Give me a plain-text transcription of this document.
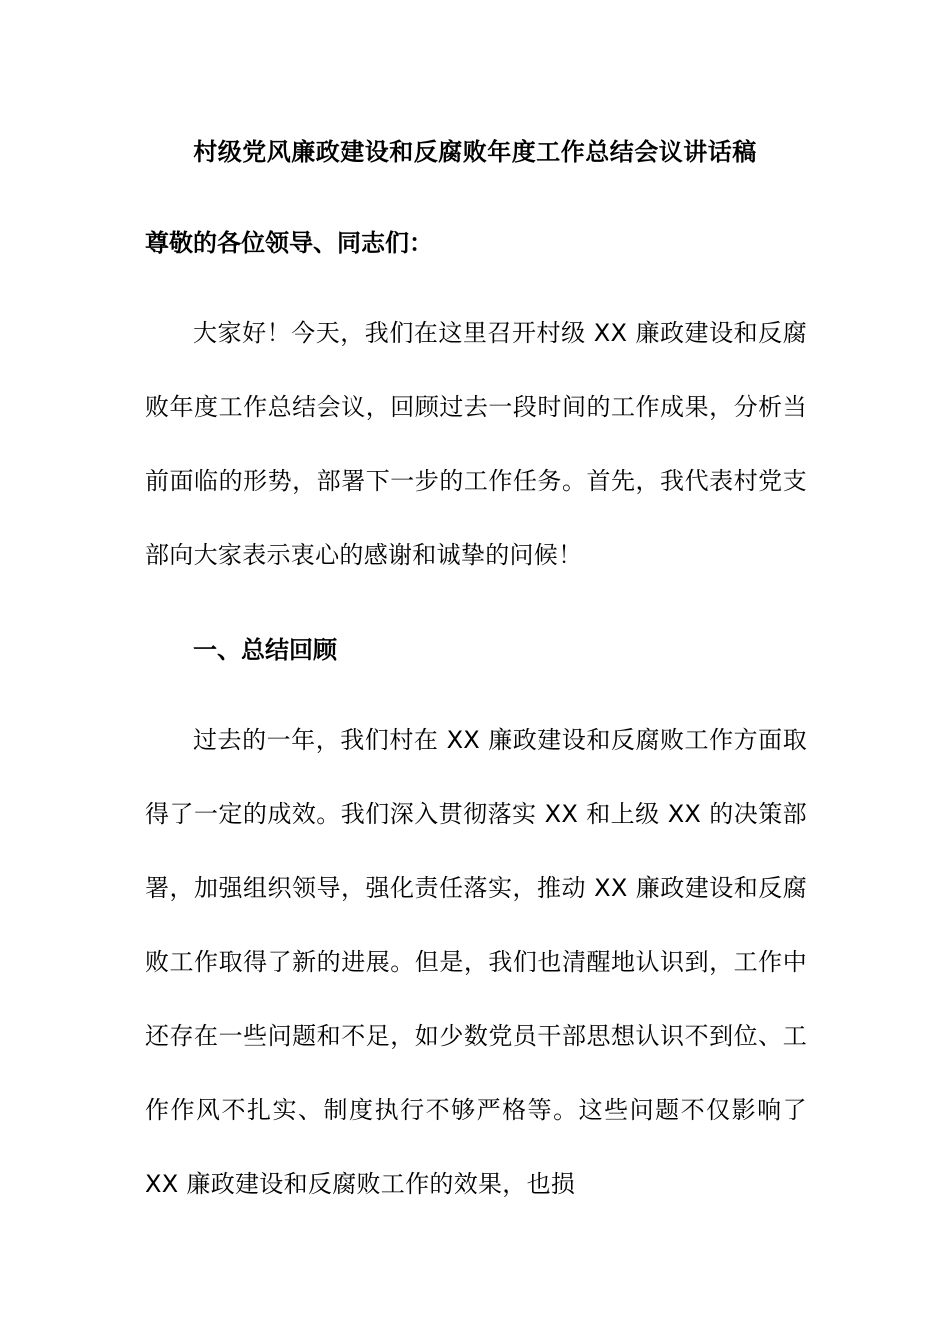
村级党风廉政建设和反腐败年度工作总结会议讲话稿
尊敬的各位领导、同志们：
大家好！今天，我们在这里召开村级 XX 廉政建设和反腐败年度工作总结会议，回顾过去一段时间的工作成果，分析当前面临的形势，部署下一步的工作任务。首先，我代表村党支部向大家表示衷心的感谢和诚挚的问候！
一、总结回顾
过去的一年，我们村在 XX 廉政建设和反腐败工作方面取得了一定的成效。我们深入贯彻落实 XX 和上级 XX 的决策部署，加强组织领导，强化责任落实，推动 XX 廉政建设和反腐败工作取得了新的进展。但是，我们也清醒地认识到，工作中还存在一些问题和不足，如少数党员干部思想认识不到位、工作作风不扎实、制度执行不够严格等。这些问题不仅影响了 XX 廉政建设和反腐败工作的效果，也损
